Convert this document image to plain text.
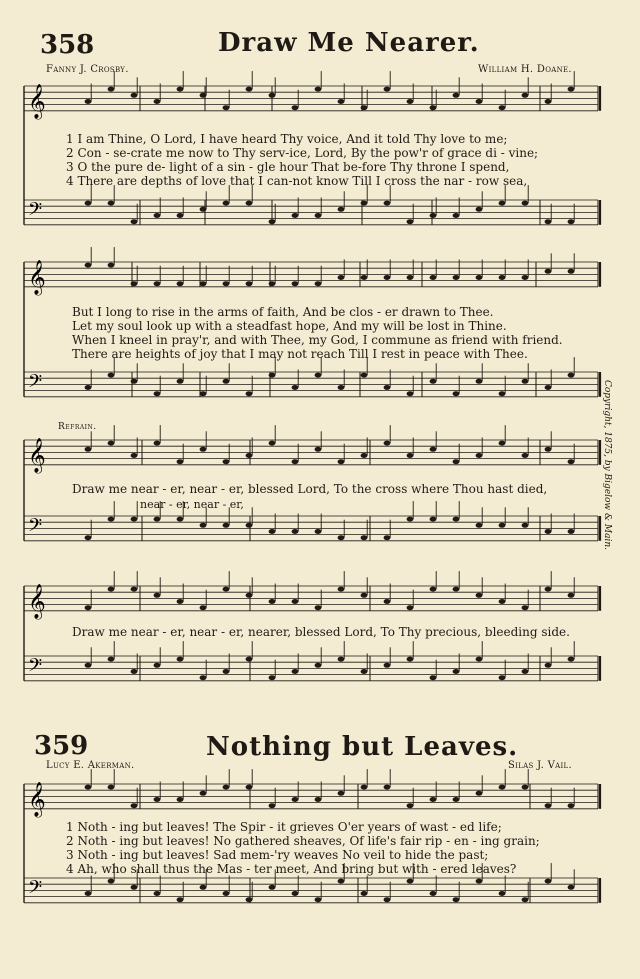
𝄞
𝄢
𝄞
𝄢
𝄞
𝄢
𝄞
𝄢
𝄞
𝄢
358	Draw Me Nearer.
Fanny J. Crosby.	William H. Doane.
1 I am Thine, O Lord, I have heard Thy voice, And it told Thy love to me;
2 Con - se-crate me now to Thy serv-ice, Lord, By the pow'r of grace di - vine;
3 O the pure de- light of a sin - gle hour That be-fore Thy throne I spend,
4 There are depths of love that I can-not know Till I cross the nar - row sea,
But I long to rise in the arms of faith, And be clos - er drawn to Thee.
Let my soul look up with a steadfast hope, And my will be lost in Thine.
When I kneel in pray'r, and with Thee, my God, I commune as friend with friend.
There are heights of joy that I may not reach Till I rest in peace with Thee.
Refrain.
Draw me near - er, near - er, blessed Lord, To the cross where Thou hast died,
near - er, near - er,
Draw me near - er, near - er, nearer, blessed Lord, To Thy precious, bleeding side.
Copyright, 1875, by Bigelow & Main.
359	Nothing but Leaves.
Lucy E. Akerman.	Silas J. Vail.
1 Noth - ing but leaves! The Spir - it grieves O'er years of wast - ed life;
2 Noth - ing but leaves! No gathered sheaves, Of life's fair rip - en - ing grain;
3 Noth - ing but leaves! Sad mem-'ry weaves No veil to hide the past;
4 Ah, who shall thus the Mas - ter meet, And bring but with - ered leaves?
